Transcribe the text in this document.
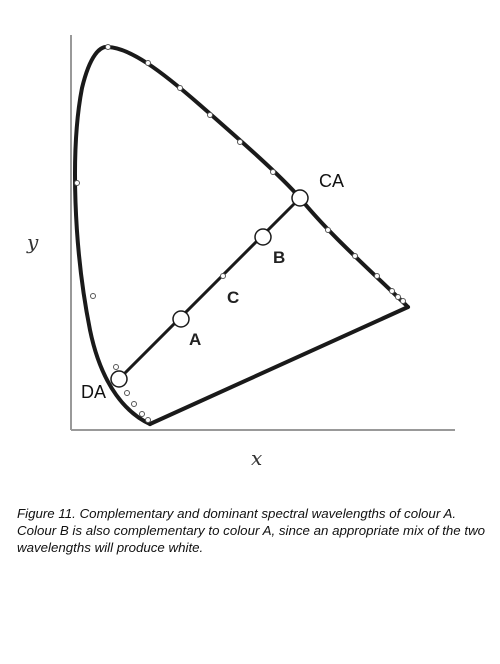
CA
B
C
A
DA
y
x
Figure 11. Complementary and dominant spectral wavelengths of colour A. Colour B is also complementary to colour A, since an appropriate mix of the two wavelengths will produce white.
